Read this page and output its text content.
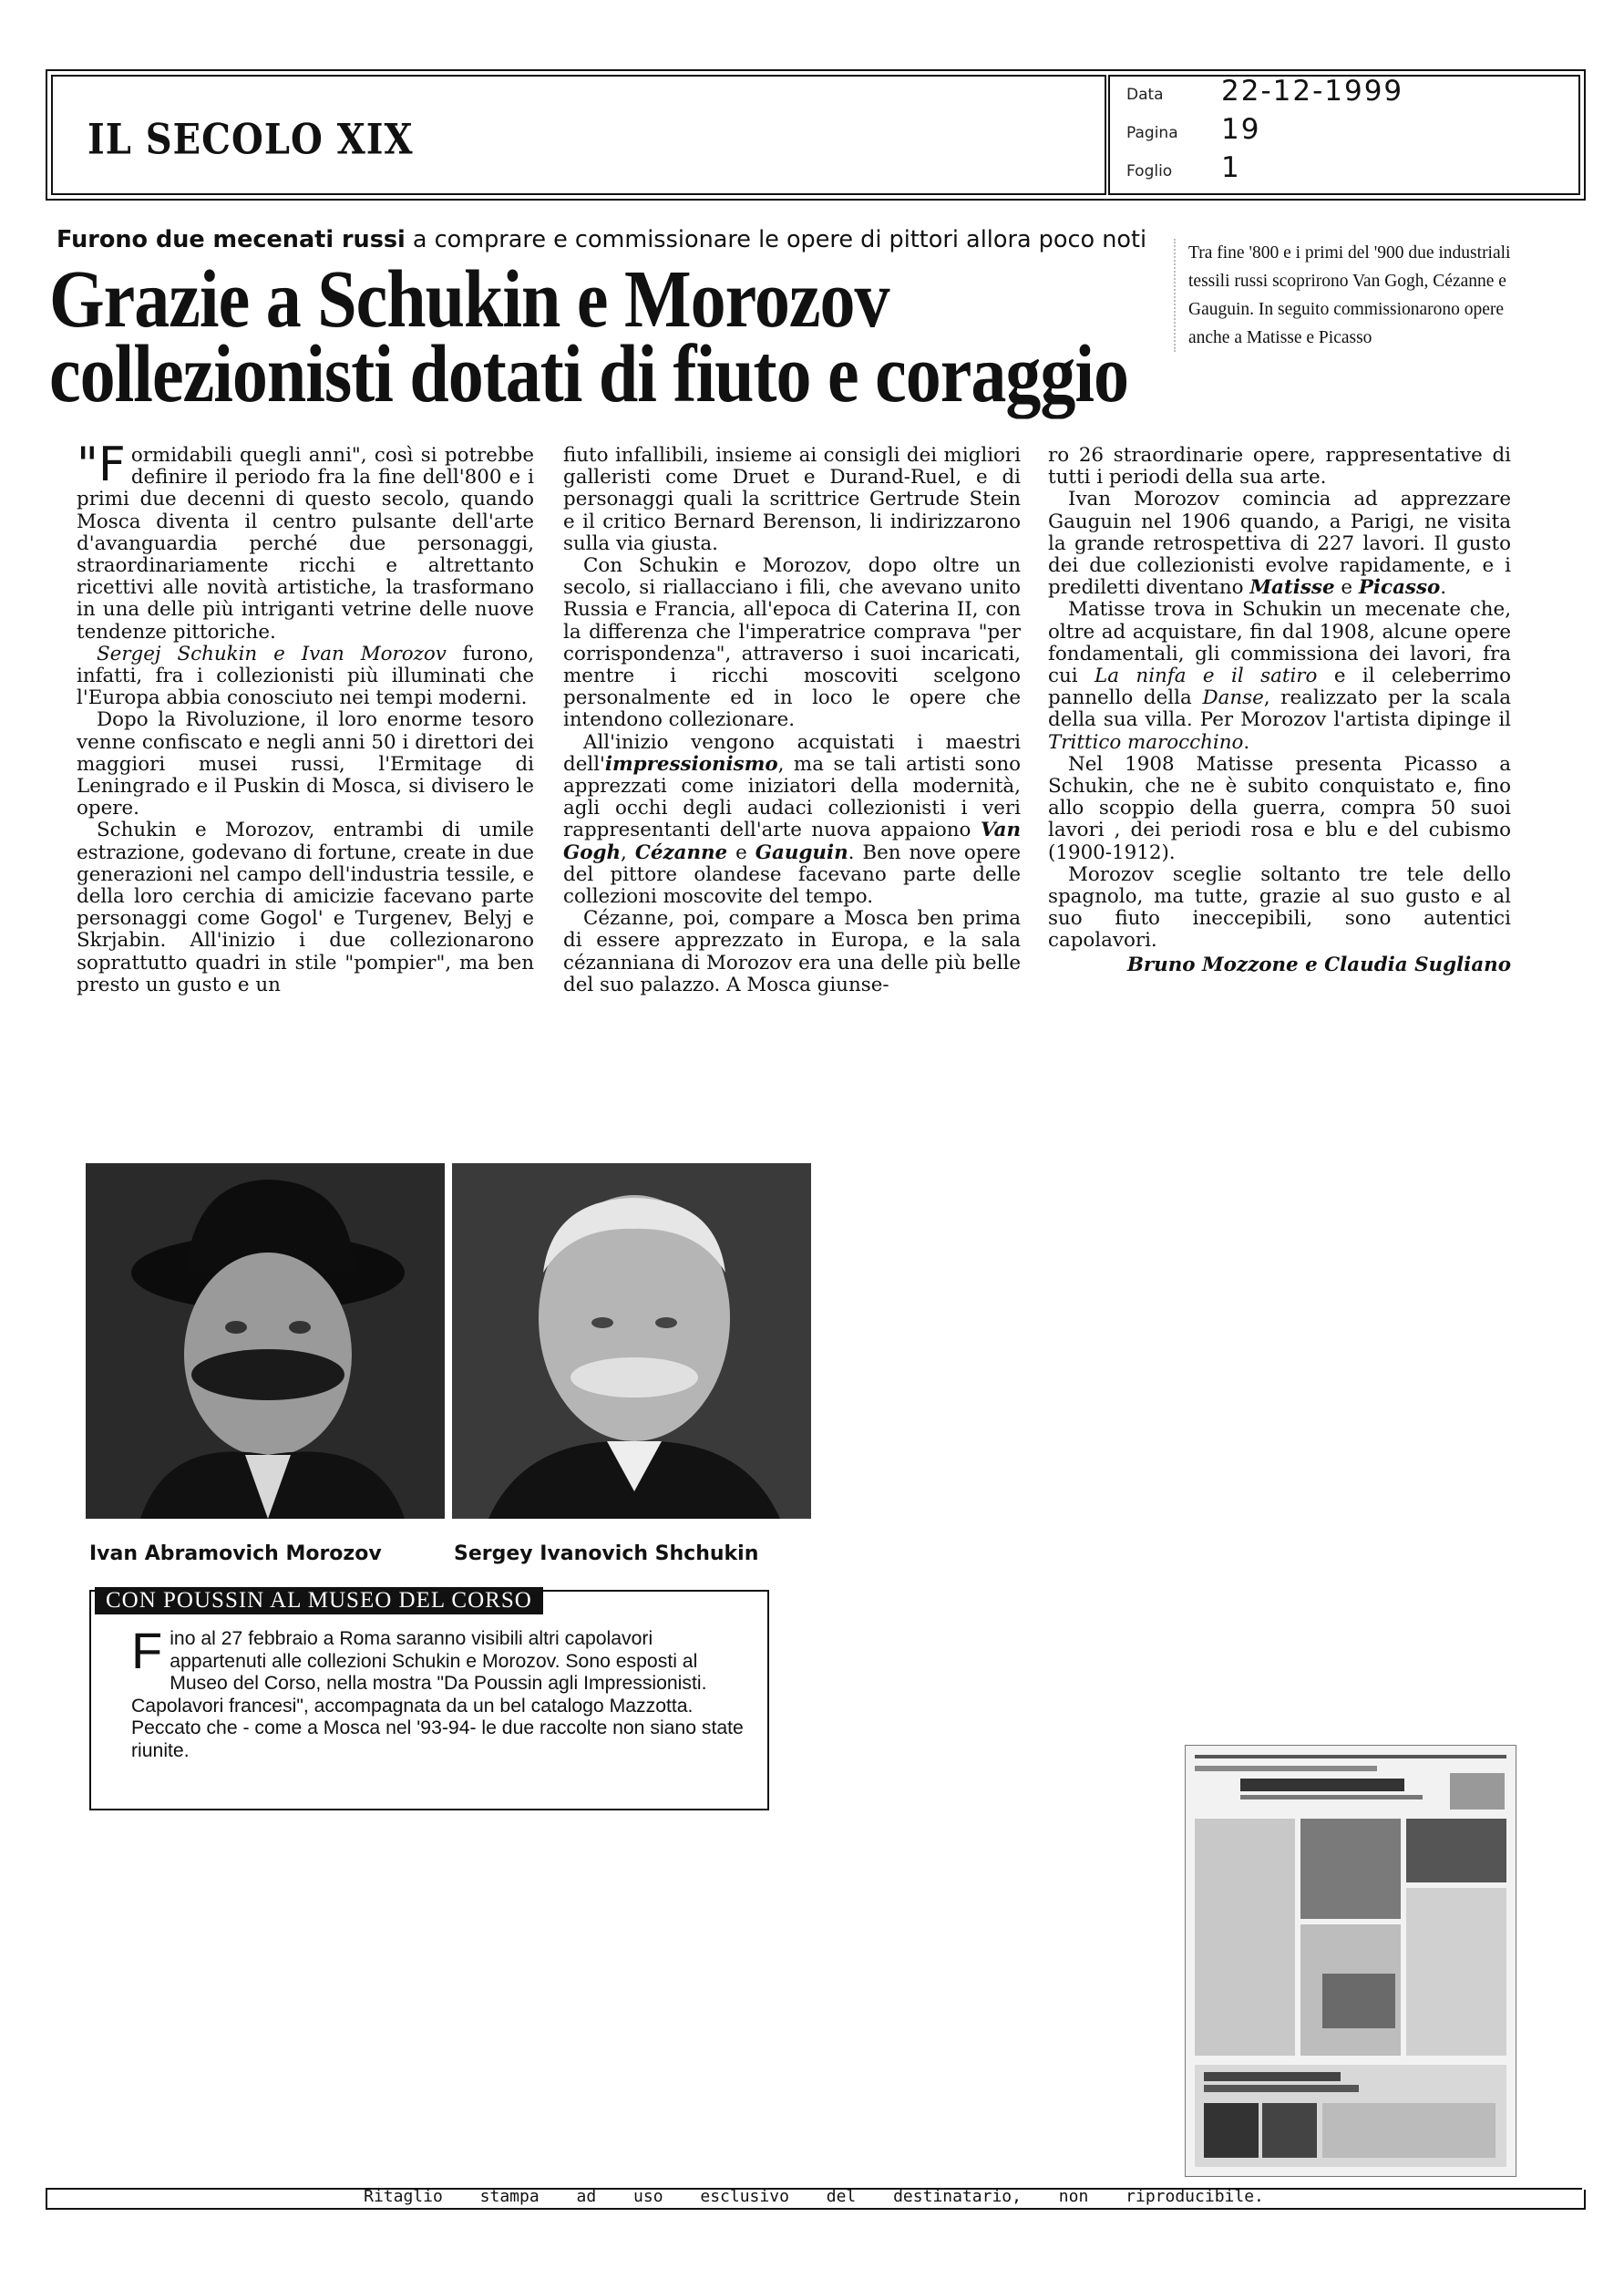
IL SECOLO XIX
Data 22-12-1999
Pagina 19
Foglio 1
Furono due mecenati russi a comprare e commissionare le opere di pittori allora poco noti
Grazie a Schukin e Morozov
collezionisti dotati di fiuto e coraggio
Tra fine '800 e i primi del '900 due industriali tessili russi scoprirono Van Gogh, Cézanne e Gauguin. In seguito commissionarono opere anche a Matisse e Picasso

"Formidabili quegli anni", così si potrebbe definire il periodo fra la fine dell'800 e i primi due decenni di questo secolo, quando Mosca diventa il centro pulsante dell'arte d'avanguardia perché due personaggi, straordinariamente ricchi e altrettanto ricettivi alle novità artistiche, la trasformano in una delle più intriganti vetrine delle nuove tendenze pittoriche.

Sergej Schukin e Ivan Morozov furono, infatti, fra i collezionisti più illuminati che l'Europa abbia conosciuto nei tempi moderni.

Dopo la Rivoluzione, il loro enorme tesoro venne confiscato e negli anni 50 i direttori dei maggiori musei russi, l'Ermitage di Leningrado e il Puskin di Mosca, si divisero le opere.

Schukin e Morozov, entrambi di umile estrazione, godevano di fortune, create in due generazioni nel campo dell'industria tessile, e della loro cerchia di amicizie facevano parte personaggi come Gogol' e Turgenev, Belyj e Skrjabin. All'inizio i due collezionarono soprattutto quadri in stile "pompier", ma ben presto un gusto e un

fiuto infallibili, insieme ai consigli dei migliori galleristi come Druet e Durand-Ruel, e di personaggi quali la scrittrice Gertrude Stein e il critico Bernard Berenson, li indirizzarono sulla via giusta.

Con Schukin e Morozov, dopo oltre un secolo, si riallacciano i fili, che avevano unito Russia e Francia, all'epoca di Caterina II, con la differenza che l'imperatrice comprava "per corrispondenza", attraverso i suoi incaricati, mentre i ricchi moscoviti scelgono personalmente ed in loco le opere che intendono collezionare.

All'inizio vengono acquistati i maestri dell'impressionismo, ma se tali artisti sono apprezzati come iniziatori della modernità, agli occhi degli audaci collezionisti i veri rappresentanti dell'arte nuova appaiono Van Gogh, Cézanne e Gauguin. Ben nove opere del pittore olandese facevano parte delle collezioni moscovite del tempo.

Cézanne, poi, compare a Mosca ben prima di essere apprezzato in Europa, e la sala cézanniana di Morozov era una delle più belle del suo palazzo. A Mosca giunse-

ro 26 straordinarie opere, rappresentative di tutti i periodi della sua arte.

Ivan Morozov comincia ad apprezzare Gauguin nel 1906 quando, a Parigi, ne visita la grande retrospettiva di 227 lavori. Il gusto dei due collezionisti evolve rapidamente, e i prediletti diventano Matisse e Picasso.

Matisse trova in Schukin un mecenate che, oltre ad acquistare, fin dal 1908, alcune opere fondamentali, gli commissiona dei lavori, fra cui La ninfa e il satiro e il celeberrimo pannello della Danse, realizzato per la scala della sua villa. Per Morozov l'artista dipinge il Trittico marocchino.

Nel 1908 Matisse presenta Picasso a Schukin, che ne è subito conquistato e, fino allo scoppio della guerra, compra 50 suoi lavori , dei periodi rosa e blu e del cubismo (1900-1912).

Morozov sceglie soltanto tre tele dello spagnolo, ma tutte, grazie al suo gusto e al suo fiuto ineccepibili, sono autentici capolavori.

Bruno Mozzone e Claudia Sugliano
Ivan Abramovich Morozov	Sergey Ivanovich Shchukin
CON POUSSIN AL MUSEO DEL CORSO
Fino al 27 febbraio a Roma saranno visibili altri capolavori appartenuti alle collezioni Schukin e Morozov. Sono esposti al Museo del Corso, nella mostra "Da Poussin agli Impressionisti. Capolavori francesi", accompagnata da un bel catalogo Mazzotta. Peccato che - come a Mosca nel '93-94- le due raccolte non siano state riunite.
Ritaglio stampa ad uso esclusivo del destinatario, non riproducibile.
